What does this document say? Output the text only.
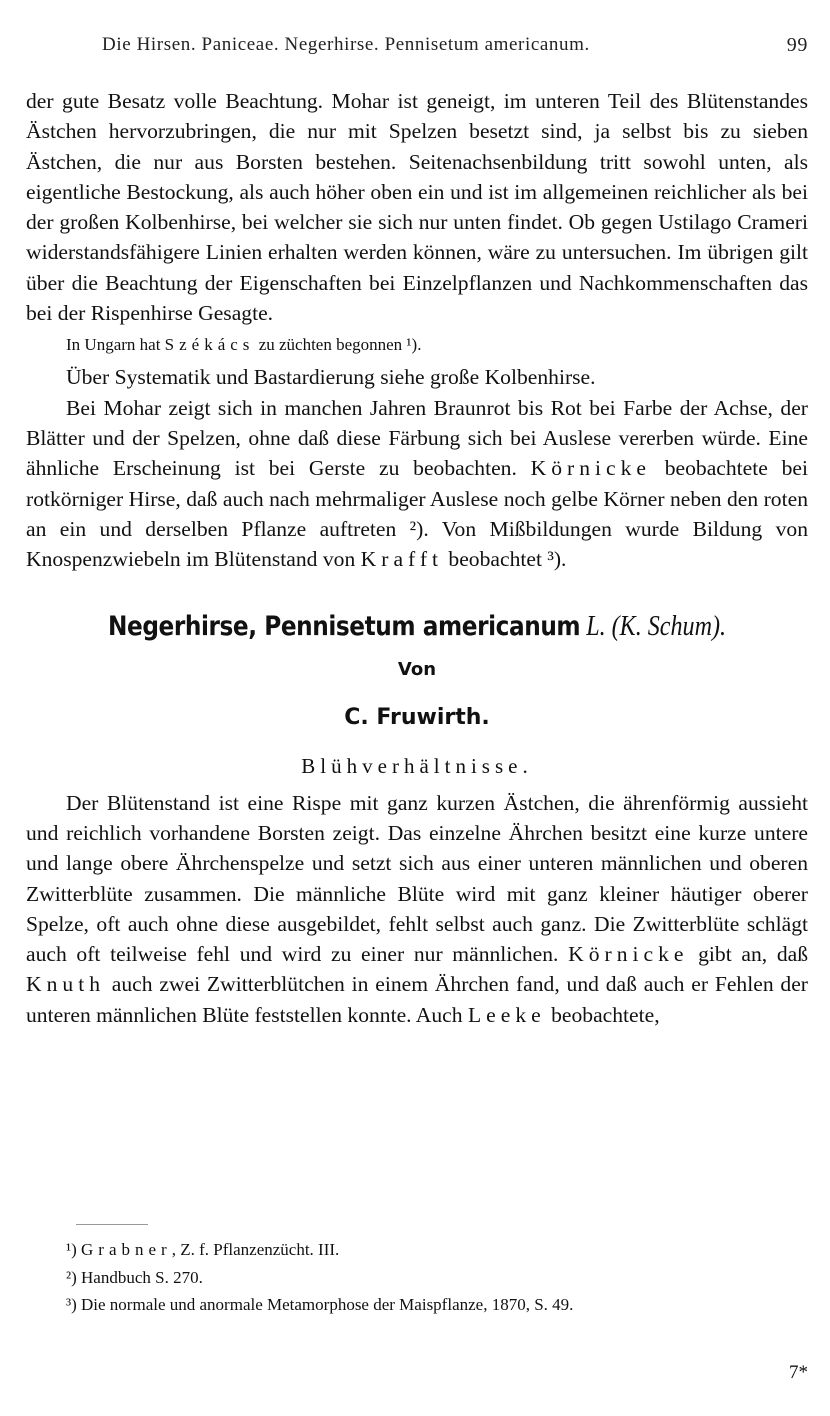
Die Hirsen. Paniceae. Negerhirse. Pennisetum americanum.	99

der gute Besatz volle Beachtung. Mohar ist geneigt, im unteren Teil des Blütenstandes Ästchen hervorzubringen, die nur mit Spelzen besetzt sind, ja selbst bis zu sieben Ästchen, die nur aus Borsten bestehen. Seitenachsenbildung tritt sowohl unten, als eigentliche Bestockung, als auch höher oben ein und ist im allgemeinen reichlicher als bei der großen Kolbenhirse, bei welcher sie sich nur unten findet. Ob gegen Ustilago Crameri widerstandsfähigere Linien erhalten werden können, wäre zu untersuchen. Im übrigen gilt über die Beachtung der Eigenschaften bei Einzelpflanzen und Nachkommenschaften das bei der Rispenhirse Gesagte.

In Ungarn hat Székács zu züchten begonnen ¹).

Über Systematik und Bastardierung siehe große Kolbenhirse.

Bei Mohar zeigt sich in manchen Jahren Braunrot bis Rot bei Farbe der Achse, der Blätter und der Spelzen, ohne daß diese Färbung sich bei Auslese vererben würde. Eine ähnliche Erscheinung ist bei Gerste zu beobachten. Körnicke beobachtete bei rotkörniger Hirse, daß auch nach mehrmaliger Auslese noch gelbe Körner neben den roten an ein und derselben Pflanze auftreten ²). Von Mißbildungen wurde Bildung von Knospenzwiebeln im Blütenstand von Krafft beobachtet ³).

Negerhirse, Pennisetum americanum L. (K. Schum).
Von
C. Fruwirth.
Blühverhältnisse.

Der Blütenstand ist eine Rispe mit ganz kurzen Ästchen, die ährenförmig aussieht und reichlich vorhandene Borsten zeigt. Das einzelne Ährchen besitzt eine kurze untere und lange obere Ährchenspelze und setzt sich aus einer unteren männlichen und oberen Zwitterblüte zusammen. Die männliche Blüte wird mit ganz kleiner häutiger oberer Spelze, oft auch ohne diese ausgebildet, fehlt selbst auch ganz. Die Zwitterblüte schlägt auch oft teilweise fehl und wird zu einer nur männlichen. Körnicke gibt an, daß Knuth auch zwei Zwitterblütchen in einem Ährchen fand, und daß auch er Fehlen der unteren männlichen Blüte feststellen konnte. Auch Leeke beobachtete,

¹) Grabner, Z. f. Pflanzenzücht. III.

²) Handbuch S. 270.

³) Die normale und anormale Metamorphose der Maispflanze, 1870, S. 49.

7*
